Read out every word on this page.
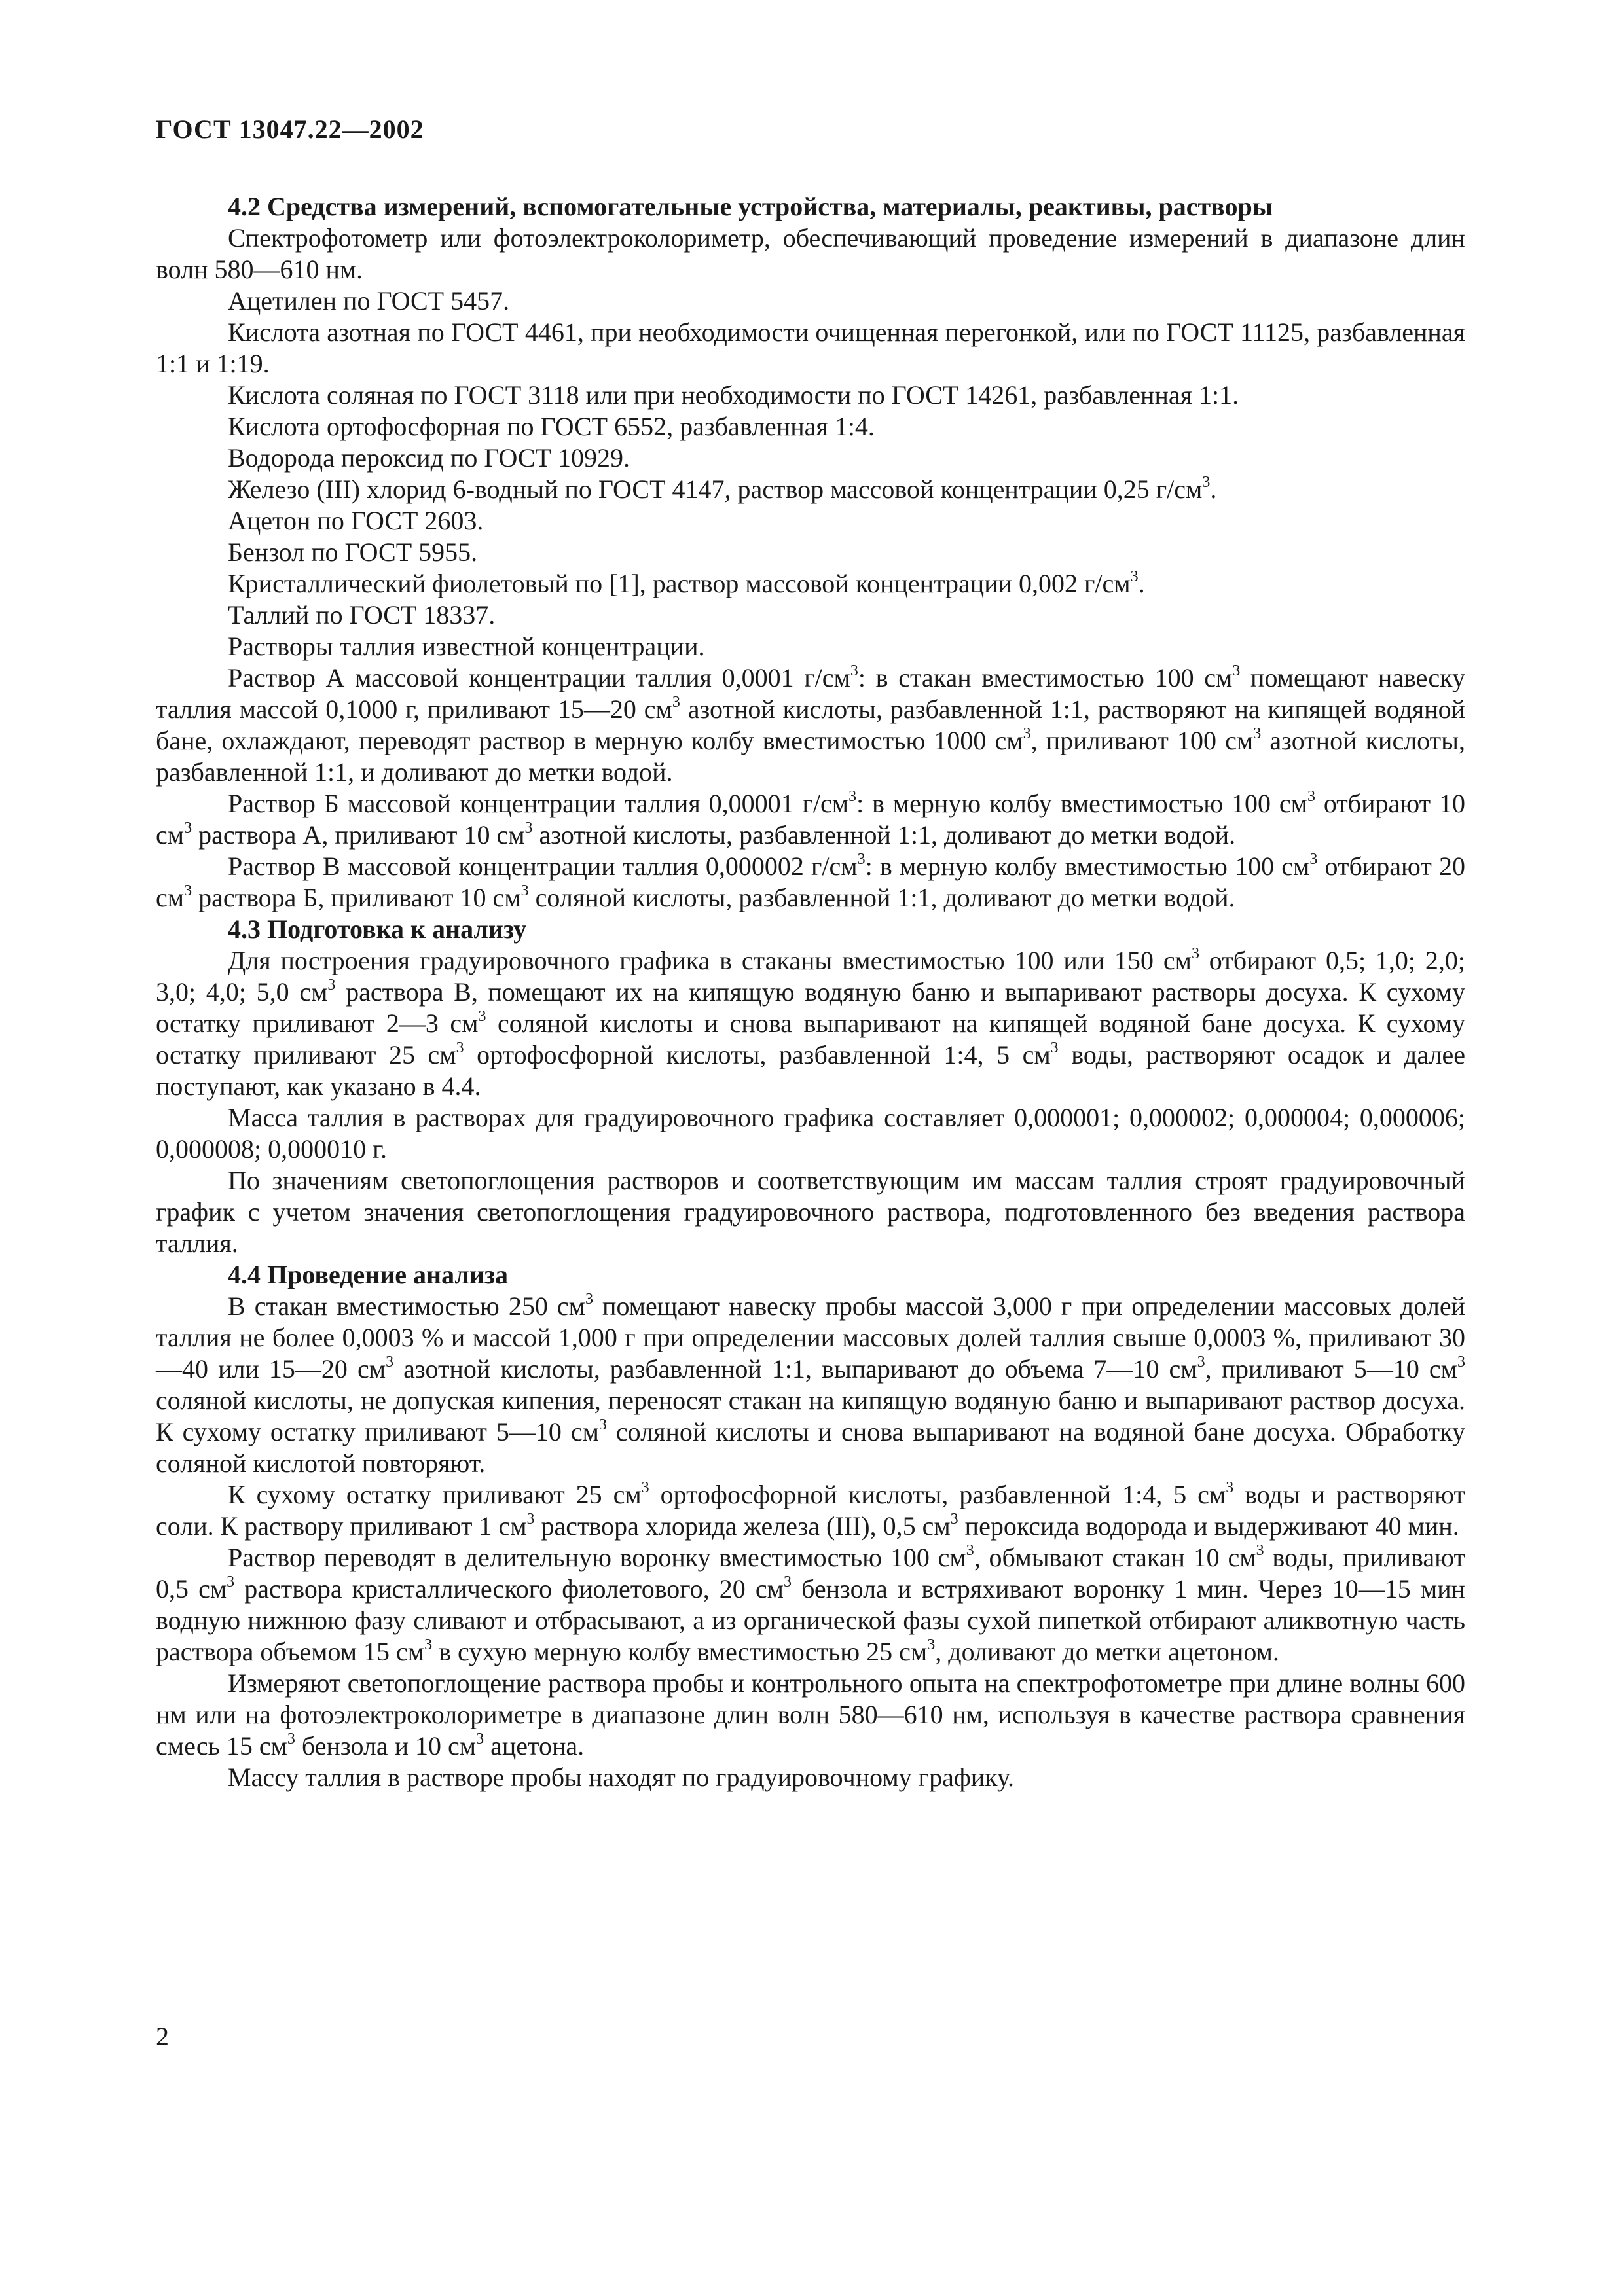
ГОСТ 13047.22—2002
4.2 Средства измерений, вспомогательные устройства, материалы, реактивы, растворы

Спектрофотометр или фотоэлектроколориметр, обеспечивающий проведение измерений в диапазоне длин волн 580—610 нм.

Ацетилен по ГОСТ 5457.

Кислота азотная по ГОСТ 4461, при необходимости очищенная перегонкой, или по ГОСТ 11125, разбавленная 1:1 и 1:19.

Кислота соляная по ГОСТ 3118 или при необходимости по ГОСТ 14261, разбавленная 1:1.

Кислота ортофосфорная по ГОСТ 6552, разбавленная 1:4.

Водорода пероксид по ГОСТ 10929.

Железо (III) хлорид 6-водный по ГОСТ 4147, раствор массовой концентрации 0,25 $г/см^3$.

Ацетон по ГОСТ 2603.

Бензол по ГОСТ 5955.

Кристаллический фиолетовый по [1], раствор массовой концентрации 0,002 $г/см^3$.

Таллий по ГОСТ 18337.

Растворы таллия известной концентрации.

Раствор А массовой концентрации таллия 0,0001 $г/см^3$: в стакан вместимостью 100 $см^3$ помещают навеску таллия массой 0,1000 г, приливают 15—20 $см^3$ азотной кислоты, разбавленной 1:1, растворяют на кипящей водяной бане, охлаждают, переводят раствор в мерную колбу вместимостью 1000 $см^3$, приливают 100 $см^3$ азотной кислоты, разбавленной 1:1, и доливают до метки водой.

Раствор Б массовой концентрации таллия 0,00001 $г/см^3$: в мерную колбу вместимостью 100 $см^3$ отбирают 10 $см^3$ раствора А, приливают 10 $см^3$ азотной кислоты, разбавленной 1:1, доливают до метки водой.

Раствор В массовой концентрации таллия 0,000002 $г/см^3$: в мерную колбу вместимостью 100 $см^3$ отбирают 20 $см^3$ раствора Б, приливают 10 $см^3$ соляной кислоты, разбавленной 1:1, доливают до метки водой.

4.3 Подготовка к анализу

Для построения градуировочного графика в стаканы вместимостью 100 или 150 $см^3$ отбирают 0,5; 1,0; 2,0; 3,0; 4,0; 5,0 $см^3$ раствора В, помещают их на кипящую водяную баню и выпаривают растворы досуха. К сухому остатку приливают 2—3 $см^3$ соляной кислоты и снова выпаривают на кипящей водяной бане досуха. К сухому остатку приливают 25 $см^3$ ортофосфорной кислоты, разбавленной 1:4, 5 $см^3$ воды, растворяют осадок и далее поступают, как указано в 4.4.

Масса таллия в растворах для градуировочного графика составляет 0,000001; 0,000002; 0,000004; 0,000006; 0,000008; 0,000010 г.

По значениям светопоглощения растворов и соответствующим им массам таллия строят градуировочный график с учетом значения светопоглощения градуировочного раствора, подготовленного без введения раствора таллия.

4.4 Проведение анализа

В стакан вместимостью 250 $см^3$ помещают навеску пробы массой 3,000 г при определении массовых долей таллия не более 0,0003 % и массой 1,000 г при определении массовых долей таллия свыше 0,0003 %, приливают 30—40 или 15—20 $см^3$ азотной кислоты, разбавленной 1:1, выпаривают до объема 7—10 $см^3$, приливают 5—10 $см^3$ соляной кислоты, не допуская кипения, переносят стакан на кипящую водяную баню и выпаривают раствор досуха. К сухому остатку приливают 5—10 $см^3$ соляной кислоты и снова выпаривают на водяной бане досуха. Обработку соляной кислотой повторяют.

К сухому остатку приливают 25 $см^3$ ортофосфорной кислоты, разбавленной 1:4, 5 $см^3$ воды и растворяют соли. К раствору приливают 1 $см^3$ раствора хлорида железа (III), 0,5 $см^3$ пероксида водорода и выдерживают 40 мин.

Раствор переводят в делительную воронку вместимостью 100 $см^3$, обмывают стакан 10 $см^3$ воды, приливают 0,5 $см^3$ раствора кристаллического фиолетового, 20 $см^3$ бензола и встряхивают воронку 1 мин. Через 10—15 мин водную нижнюю фазу сливают и отбрасывают, а из органической фазы сухой пипеткой отбирают аликвотную часть раствора объемом 15 $см^3$ в сухую мерную колбу вместимостью 25 $см^3$, доливают до метки ацетоном.

Измеряют светопоглощение раствора пробы и контрольного опыта на спектрофотометре при длине волны 600 нм или на фотоэлектроколориметре в диапазоне длин волн 580—610 нм, используя в качестве раствора сравнения смесь 15 $см^3$ бензола и 10 $см^3$ ацетона.

Массу таллия в растворе пробы находят по градуировочному графику.

2
